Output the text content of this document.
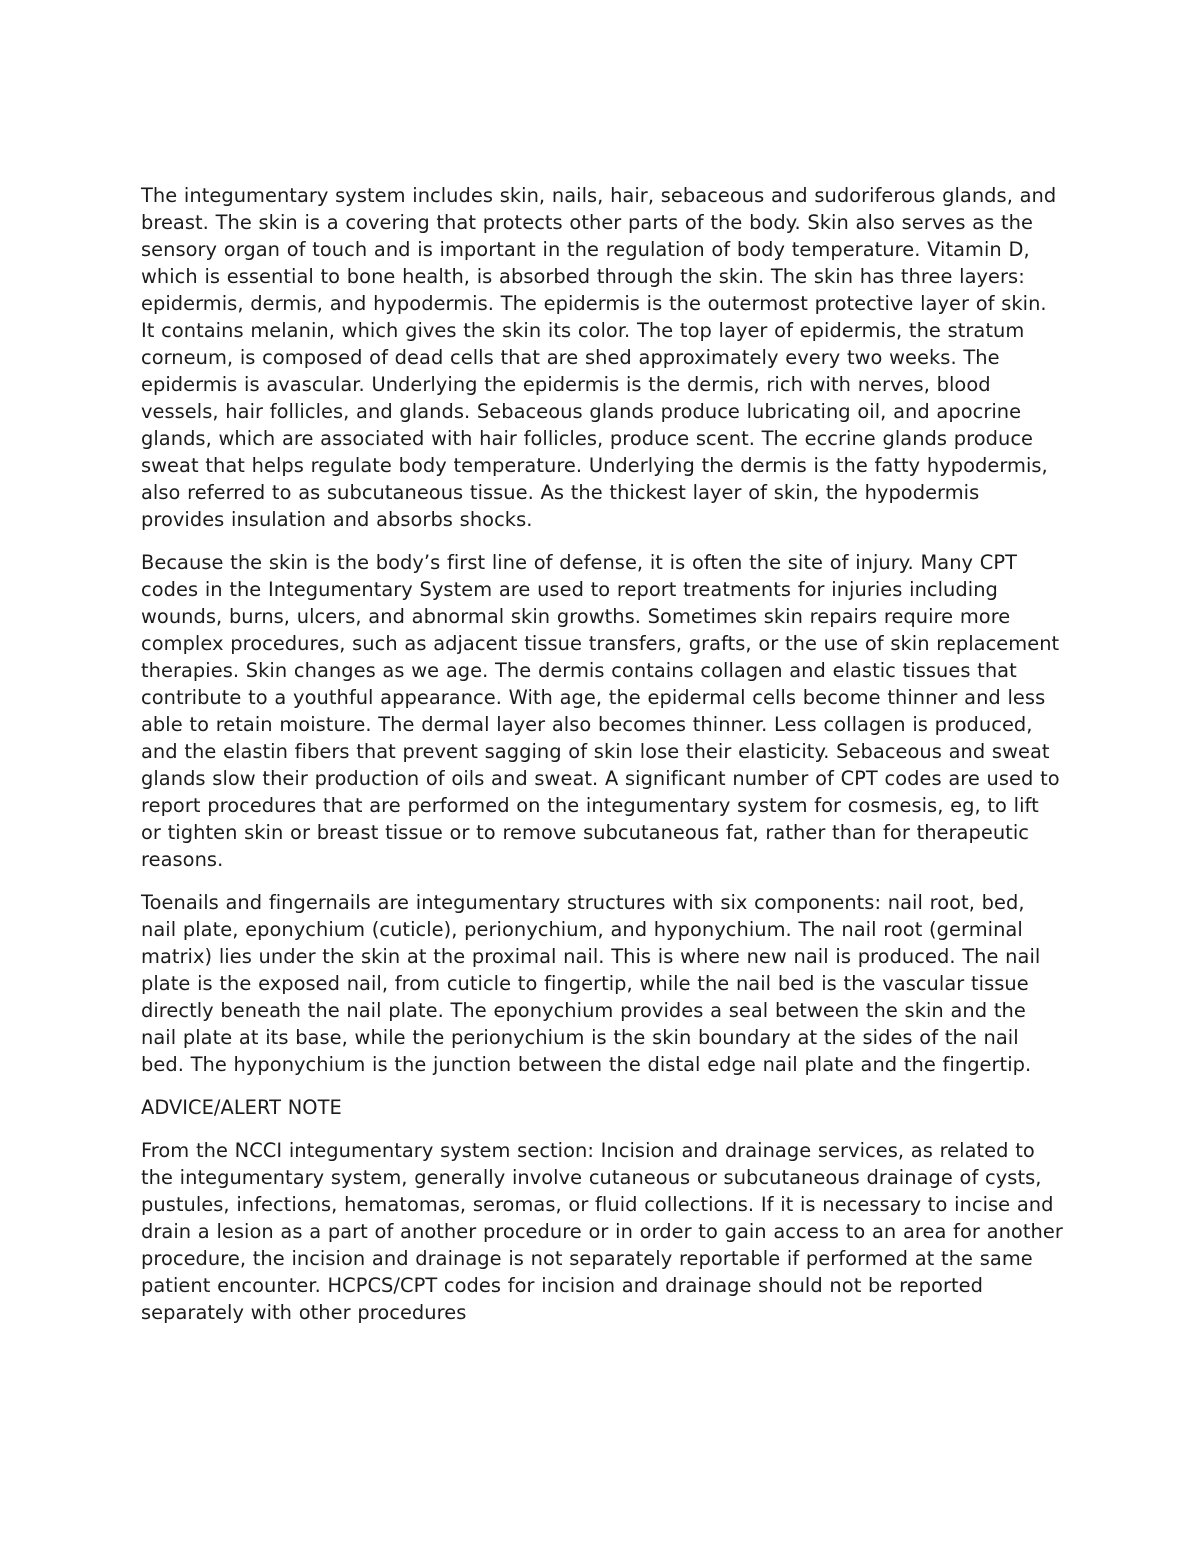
The integumentary system includes skin, nails, hair, sebaceous and sudoriferous glands, and breast. The skin is a covering that protects other parts of the body. Skin also serves as the sensory organ of touch and is important in the regulation of body temperature. Vitamin D, which is essential to bone health, is absorbed through the skin. The skin has three layers: epidermis, dermis, and hypodermis. The epidermis is the outermost protective layer of skin. It contains melanin, which gives the skin its color. The top layer of epidermis, the stratum corneum, is composed of dead cells that are shed approximately every two weeks. The epidermis is avascular. Underlying the epidermis is the dermis, rich with nerves, blood vessels, hair follicles, and glands. Sebaceous glands produce lubricating oil, and apocrine glands, which are associated with hair follicles, produce scent. The eccrine glands produce sweat that helps regulate body temperature. Underlying the dermis is the fatty hypodermis, also referred to as subcutaneous tissue. As the thickest layer of skin, the hypodermis provides insulation and absorbs shocks.

Because the skin is the body’s first line of defense, it is often the site of injury. Many CPT codes in the Integumentary System are used to report treatments for injuries including wounds, burns, ulcers, and abnormal skin growths. Sometimes skin repairs require more complex procedures, such as adjacent tissue transfers, grafts, or the use of skin replacement therapies. Skin changes as we age. The dermis contains collagen and elastic tissues that contribute to a youthful appearance. With age, the epidermal cells become thinner and less able to retain moisture. The dermal layer also becomes thinner. Less collagen is produced, and the elastin fibers that prevent sagging of skin lose their elasticity. Sebaceous and sweat glands slow their production of oils and sweat. A significant number of CPT codes are used to report procedures that are performed on the integumentary system for cosmesis, eg, to lift or tighten skin or breast tissue or to remove subcutaneous fat, rather than for therapeutic reasons.

Toenails and fingernails are integumentary structures with six components: nail root, bed, nail plate, eponychium (cuticle), perionychium, and hyponychium. The nail root (germinal matrix) lies under the skin at the proximal nail. This is where new nail is produced. The nail plate is the exposed nail, from cuticle to fingertip, while the nail bed is the vascular tissue directly beneath the nail plate. The eponychium provides a seal between the skin and the nail plate at its base, while the perionychium is the skin boundary at the sides of the nail bed. The hyponychium is the junction between the distal edge nail plate and the fingertip.

ADVICE/ALERT NOTE

From the NCCI integumentary system section: Incision and drainage services, as related to the integumentary system, generally involve cutaneous or subcutaneous drainage of cysts, pustules, infections, hematomas, seromas, or fluid collections. If it is necessary to incise and drain a lesion as a part of another procedure or in order to gain access to an area for another procedure, the incision and drainage is not separately reportable if performed at the same patient encounter. HCPCS/CPT codes for incision and drainage should not be reported separately with other procedures
